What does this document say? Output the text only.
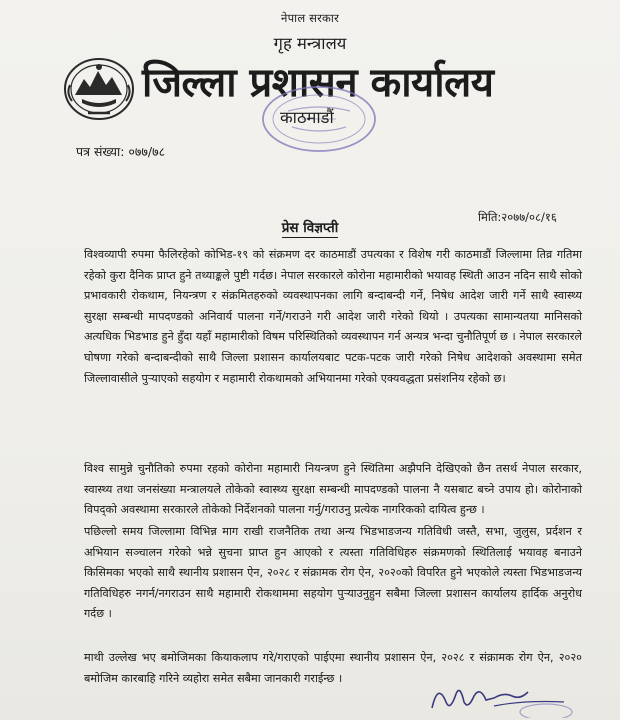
नेपाल सरकार
गृह मन्त्रालय
जिल्ला प्रशासन कार्यालय
काठमाडौं
पत्र संख्या: ०७७/७८
मिति:२०७७/०८/१६
प्रेस विज्ञप्ती

विश्वव्यापी रुपमा फैलिरहेको कोभिड-१९ को संक्रमण दर काठमाडौं उपत्यका र विशेष गरी काठमाडौं जिल्लामा तिव्र गतिमा रहेको कुरा दैनिक प्राप्त हुने तथ्याङ्कले पुष्टी गर्दछ। नेपाल सरकारले कोरोना महामारीको भयावह स्थिती आउन नदिन साथै सोको प्रभावकारी रोकथाम, नियन्त्रण र संक्रमितहरुको व्यवस्थापनका लागि बन्दाबन्दी गर्ने, निषेध आदेश जारी गर्ने साथै स्वास्थ्य सुरक्षा सम्बन्धी मापदण्डको अनिवार्य पालना गर्ने/गराउने गरी आदेश जारी गरेको थियो । उपत्यका सामान्यतया मानिसको अत्यधिक भिडभाड हुने हुँदा यहाँ महामारीको विषम परिस्थितिको व्यवस्थापन गर्न अन्यत्र भन्दा चुनौतिपूर्ण छ । नेपाल सरकारले घोषणा गरेको बन्दाबन्दीको साथै जिल्ला प्रशासन कार्यालयबाट पटक-पटक जारी गरेको निषेध आदेशको अवस्थामा समेत जिल्लावासीले पुर्‍याएको सहयोग र महामारी रोकथामको अभियानमा गरेको एक्यवद्धता प्रसंशनिय रहेको छ।

विश्व सामुन्ने चुनौतिको रुपमा रहको कोरोना महामारी नियन्त्रण हुने स्थितिमा अझैपनि देखिएको छैन तसर्थ नेपाल सरकार, स्वास्थ्य तथा जनसंख्या मन्त्रालयले तोकेको स्वास्थ्य सुरक्षा सम्बन्धी मापदण्डको पालना नै यसबाट बच्ने उपाय हो। कोरोनाको विपद्को अवस्थामा सरकारले तोकेको निर्देशनको पालना गर्नु/गराउनु प्रत्येक नागरिकको दायित्व हुन्छ ।

पछिल्लो समय जिल्लामा विभिन्न माग राखी राजनैतिक तथा अन्य भिडभाडजन्य गतिविधी जस्तै, सभा, जुलुस, प्रर्दशन र अभियान सञ्चालन गरेको भन्ने सुचना प्राप्त हुन आएको र त्यस्ता गतिविधिहरु संक्रमणको स्थितिलाई भयावह बनाउने किसिमका भएको साथै स्थानीय प्रशासन ऐन, २०२८ र संक्रामक रोग ऐन, २०२०को विपरित हुने भएकोले त्यस्ता भिडभाडजन्य गतिविधिहरु नगर्न/नगराउन साथै महामारी रोकथाममा सहयोग पुर्‍याउनुहुन सबैमा जिल्ला प्रशासन कार्यालय हार्दिक अनुरोध गर्दछ ।

माथी उल्लेख भए बमोजिमका कियाकलाप गरे/गराएको पाईएमा स्थानीय प्रशासन ऐन, २०२८ र संक्रामक रोग ऐन, २०२० बमोजिम कारबाहि गरिने व्यहोरा समेत सबैमा जानकारी गराईन्छ ।
